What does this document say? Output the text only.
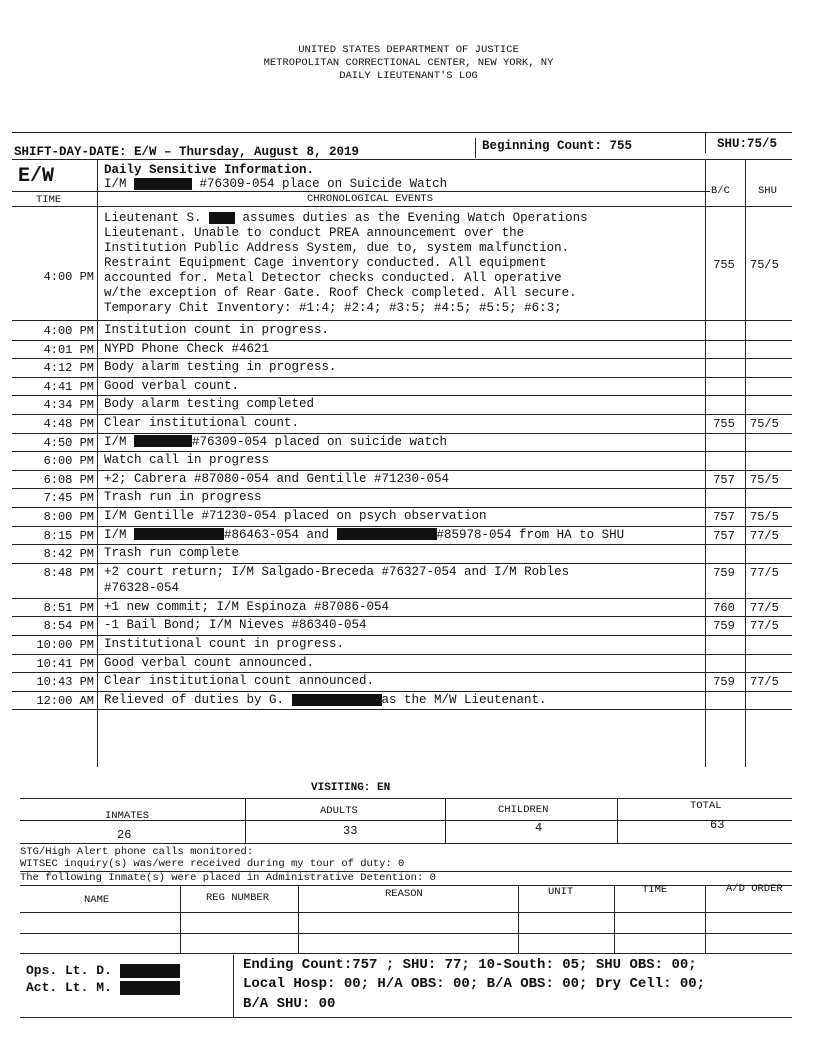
UNITED STATES DEPARTMENT OF JUSTICE
METROPOLITAN CORRECTIONAL CENTER, NEW YORK, NY
DAILY LIEUTENANT'S LOG
SHIFT-DAY-DATE: E/W – Thursday, August 8, 2019	Beginning Count: 755	SHU:75/5
E/W	Daily Sensitive Information.
I/M	#76309-054 place on Suicide Watch
TIME	CHRONOLOGICAL EVENTS
B/C	SHU
4:00 PM
Lieutenant S.  assumes duties as the Evening Watch Operations
Lieutenant. Unable to conduct PREA announcement over the
Institution Public Address System, due to, system malfunction.
Restraint Equipment Cage inventory conducted. All equipment
accounted for. Metal Detector checks conducted. All operative
w/the exception of Rear Gate. Roof Check completed. All secure.
Temporary Chit Inventory: #1:4; #2:4; #3:5; #4:5; #5:5; #6:3;
755	75/5
4:00 PM Institution count in progress.
4:01 PM NYPD Phone Check #4621
4:12 PM Body alarm testing in progress.
4:41 PM Good verbal count.
4:34 PM Body alarm testing completed
4:48 PM Clear institutional count.	755	75/5
4:50 PM I/M	#76309-054 placed on suicide watch
6:00 PM Watch call in progress
6:08 PM +2; Cabrera #87080-054 and Gentille #71230-054	757	75/5
7:45 PM Trash run in progress
8:00 PM I/M Gentille #71230-054 placed on psych observation	757	75/5
8:15 PM I/M	#86463-054 and	#85978-054 from HA to SHU	757	77/5
8:42 PM Trash run complete
8:48 PM +2 court return; I/M Salgado-Breceda #76327-054 and I/M Robles
#76328-054
759	77/5
8:51 PM +1 new commit; I/M Espinoza #87086-054	760	77/5
8:54 PM -1 Bail Bond; I/M Nieves #86340-054	759	77/5
10:00 PM Institutional count in progress.
10:41 PM Good verbal count announced.
10:43 PM Clear institutional count announced.	759	77/5
12:00 AM Relieved of duties by G.	as the M/W Lieutenant.
VISITING: EN
INMATES	ADULTS	CHILDREN	TOTAL
26	33	4	63
STG/High Alert phone calls monitored:
WITSEC inquiry(s) was/were received during my tour of duty: 0
The following Inmate(s) were placed in Administrative Detention: 0
NAME	REG NUMBER	REASON	UNIT	TIME	A/D ORDER
Ops. Lt. D.
Act. Lt. M.
Ending Count:757 ; SHU: 77; 10-South: 05; SHU OBS: 00;
Local Hosp: 00; H/A OBS: 00; B/A OBS: 00; Dry Cell: 00;
B/A SHU: 00
